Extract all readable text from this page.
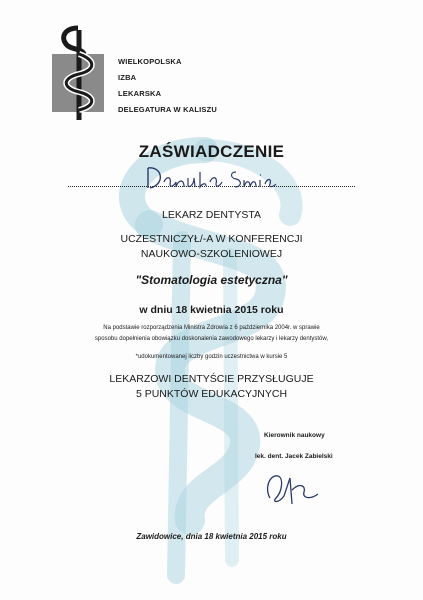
WIELKOPOLSKA
IZBA
LEKARSKA
DELEGATURA W KALISZU
ZAŚWIADCZENIE
LEKARZ DENTYSTA
UCZESTNICZYŁ/-A W KONFERENCJI
NAUKOWO-SZKOLENIOWEJ
"Stomatologia estetyczna"
w dniu 18 kwietnia 2015 roku
Na podstawie rozporządzenia Ministra Zdrowia z 6 października 2004r. w sprawie
sposobu dopełnienia obowiązku doskonalenia zawodowego lekarzy i lekarzy dentystów,
*udokumentowanej liczby godzin uczestnictwa w kursie 5
LEKARZOWI DENTYŚCIE PRZYSŁUGUJE
5 PUNKTÓW EDUKACYJNYCH
Kierownik naukowy
lek. dent. Jacek Zabielski
Zawidowice, dnia 18 kwietnia 2015 roku
